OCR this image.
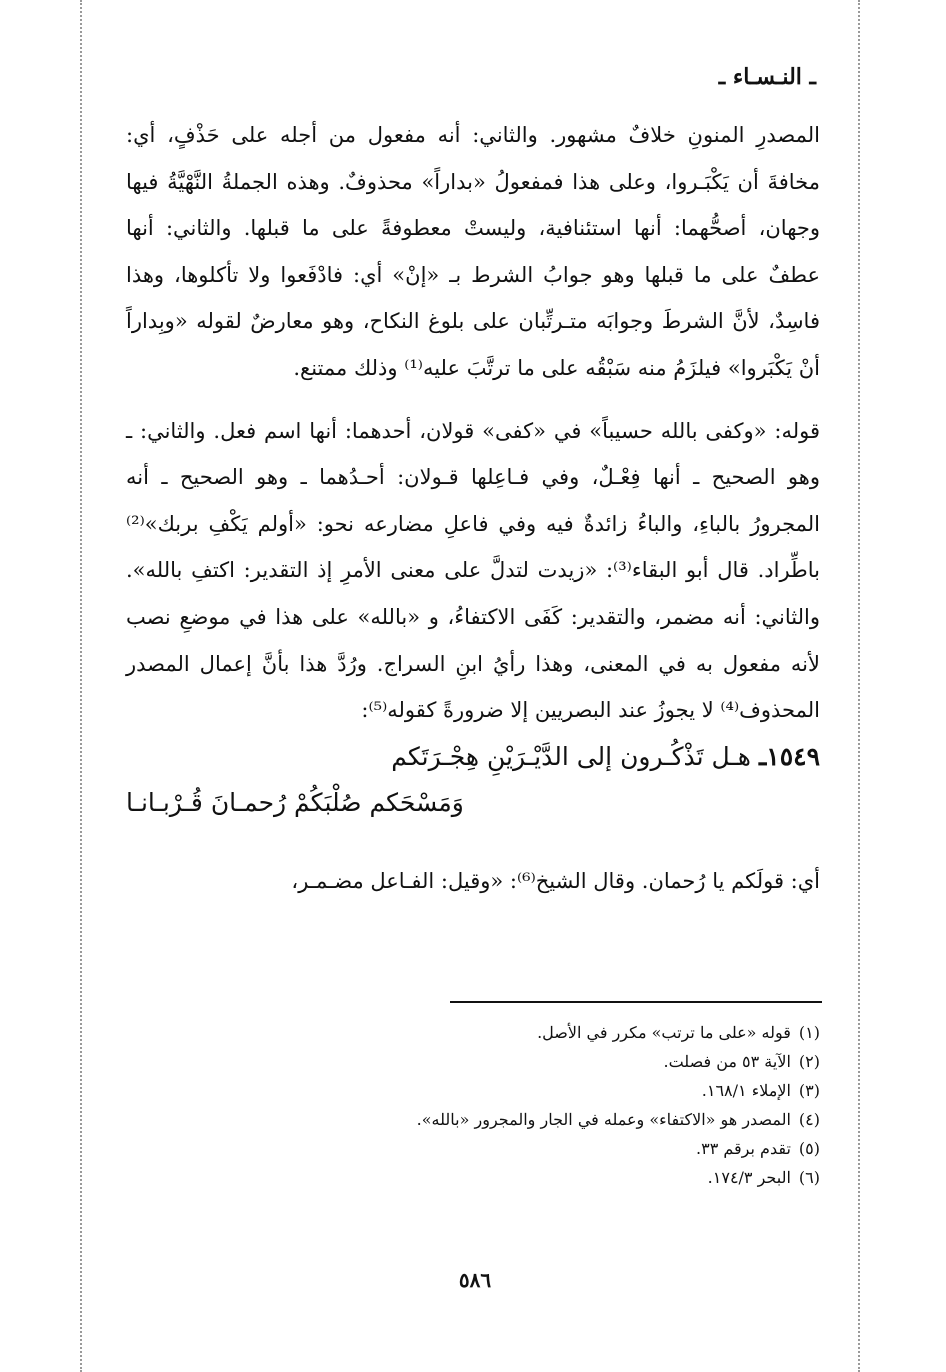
ـ النـسـاء ـ

المصدرِ المنونِ خلافٌ مشهور. والثاني: أنه مفعول من أجله على حَذْفٍ، أي: مخافةَ أن يَكْبَـروا، وعلى هذا فمفعولُ «بداراً» محذوفٌ. وهذه الجملةُ النَّهْيَّةُ فيها وجهان، أصحُّهما: أنها استئنافية، وليستْ معطوفةً على ما قبلها. والثاني: أنها عطفٌ على ما قبلها وهو جوابُ الشرط بـ «إنْ» أي: فادْفَعوا ولا تأكلوها، وهذا فاسِدٌ، لأنَّ الشرطَ وجوابَه متـرتِّبان على بلوغ النكاح، وهو معارضٌ لقوله «وبِداراً أنْ يَكْبَروا» فيلزَمُ منه سَبْقُه على ما ترتَّبَ عليه⁽¹⁾ وذلك ممتنع.

قوله: «وكفى بالله حسيباً» في «كفى» قولان، أحدهما: أنها اسم فعل. والثاني: ـ وهو الصحيح ـ أنها فِعْـلٌ، وفي فـاعِلها قـولان: أحـدُهما ـ وهو الصحيح ـ أنه المجرورُ بالباءِ، والباءُ زائدةٌ فيه وفي فاعلِ مضارعه نحو: «أولم يَكْفِ بربك»⁽²⁾ باطِّراد. قال أبو البقاء⁽³⁾: «زيدت لتدلَّ على معنى الأمرِ إذ التقدير: اكتفِ بالله». والثاني: أنه مضمر، والتقدير: كَفَى الاكتفاءُ، و «بالله» على هذا في موضعِ نصب لأنه مفعول به في المعنى، وهذا رأيُ ابنِ السراج. ورُدَّ هذا بأنَّ إعمال المصدر المحذوف⁽⁴⁾ لا يجوزُ عند البصريين إلا ضرورةً كقوله⁽⁵⁾:

١٥٤٩ـ هـل تَذْكُـرون إلى الدَّيْـرَيْنِ هِجْـرَتَكم
وَمَسْحَكم صُلْبَكُمْ رُحمـانَ قُـرْبـانـا

أي: قولَكم يا رُحمان. وقال الشيخ⁽⁶⁾: «وقيل: الفـاعل مضـمـر،

(١)قوله «على ما ترتب» مكرر في الأصل.
(٢)الآية ٥٣ من فصلت.
(٣)الإملاء ١٦٨/١.
(٤)المصدر هو «الاكتفاء» وعمله في الجار والمجرور «بالله».
(٥)تقدم برقم ٣٣.
(٦)البحر ١٧٤/٣.
٥٨٦
